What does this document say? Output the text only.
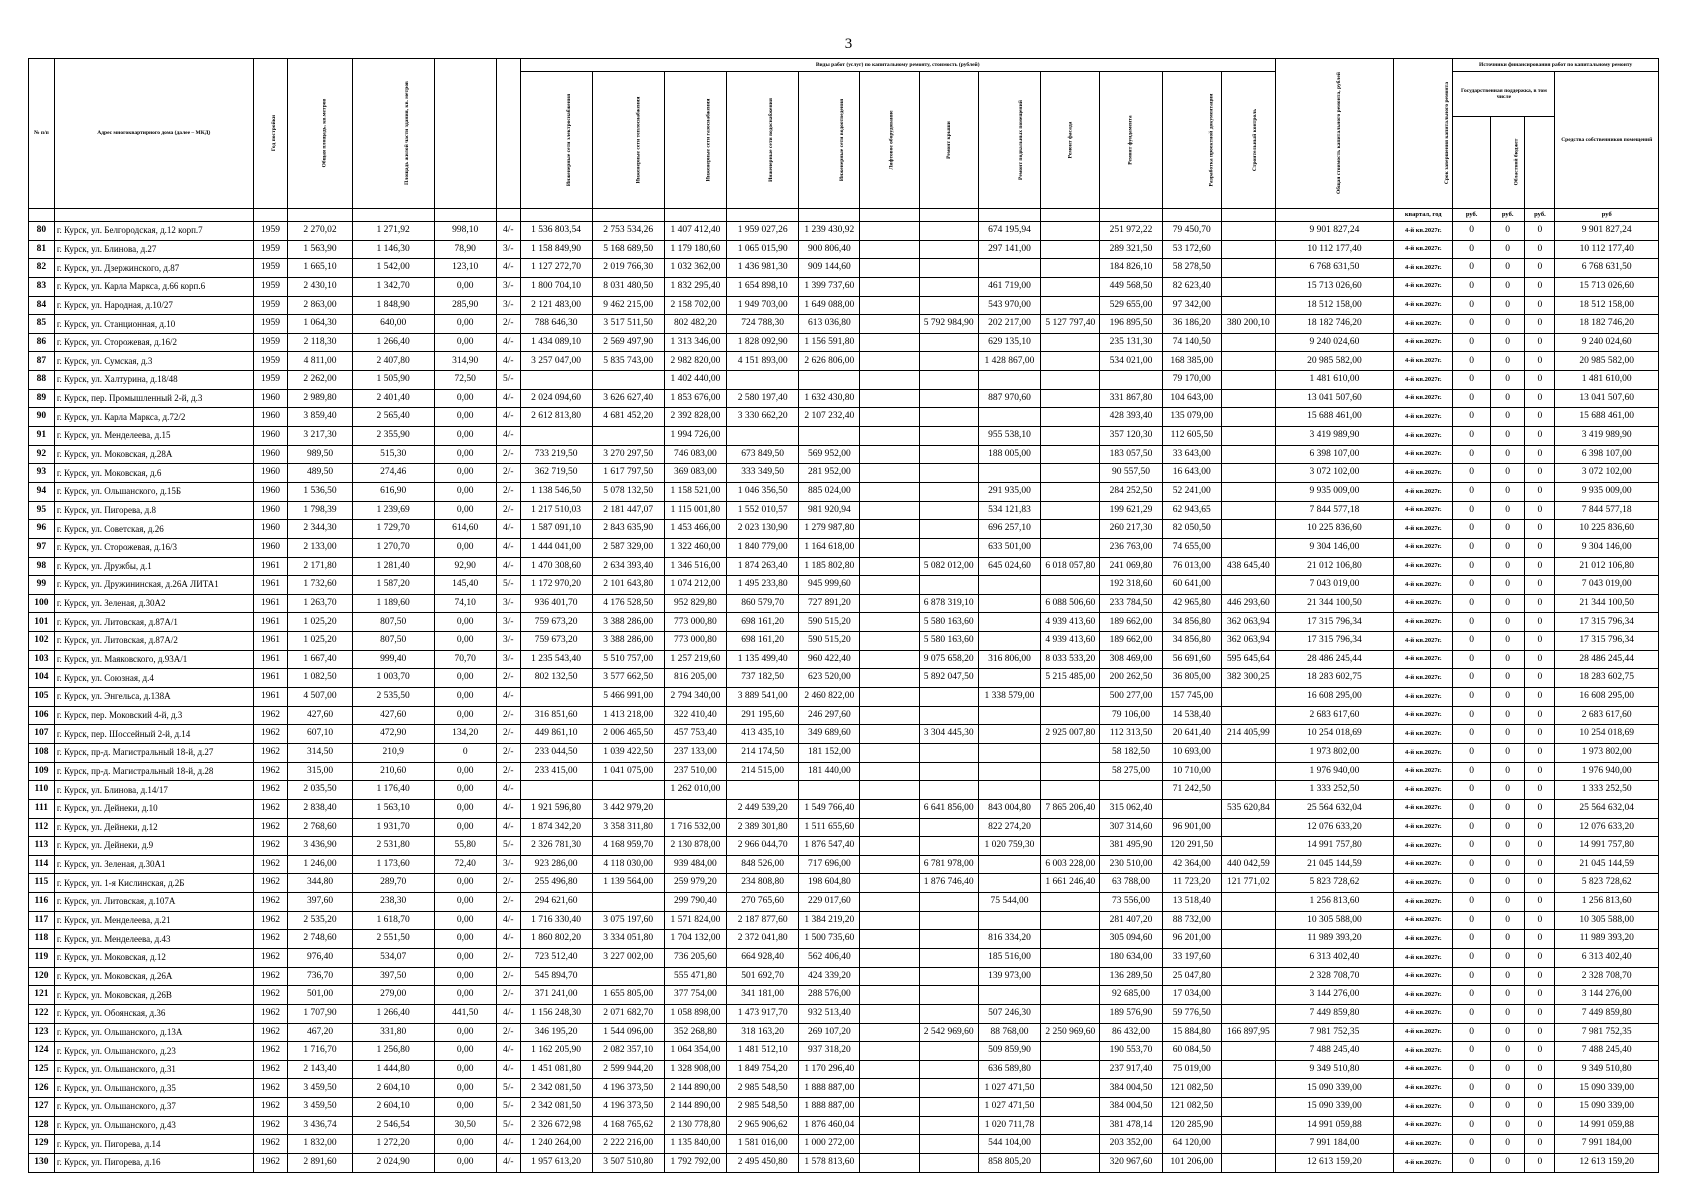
3
№ п/п	Адрес многоквартирного дома (далее – МКД)	Год постройки	Общая площадь, кв.метров	Площадь жилой части здания, кв. метров			Виды работ (услуг) по капитальному ремонту, стоимость (рублей)												Общая стоимость капитального ремонта, рублей	Срок завершения капитального ремонта	Источники финансирования работ по капитальному ремонту			
							Инженерные сети электроснабжения	Инженерные сети теплоснабжения	Инженерные сети газоснабжения	Инженерные сети водоснабжения	Инженерные сети водоотведения	Лифтовое оборудование	Ремонт крыши	Ремонт подвальных помещений	Ремонт фасада	Ремонт фундамента	Разработка проектной документации	Строительный контроль			Государственная поддержка, в том числе			Средства собственников помещений
	Областной бюджет	
																				квартал, год	руб.	руб.	руб.	руб
80	г. Курск, ул. Белгородская, д.12 корп.7	1959	2 270,02	1 271,92	998,10	4/-	1 536 803,54	2 753 534,26	1 407 412,40	1 959 027,26	1 239 430,92			674 195,94		251 972,22	79 450,70		9 901 827,24	4-й кв.2027г.	0	0	0	9 901 827,24
81	г. Курск, ул. Блинова, д.27	1959	1 563,90	1 146,30	78,90	3/-	1 158 849,90	5 168 689,50	1 179 180,60	1 065 015,90	900 806,40			297 141,00		289 321,50	53 172,60		10 112 177,40	4-й кв.2027г.	0	0	0	10 112 177,40
82	г. Курск, ул. Дзержинского, д.87	1959	1 665,10	1 542,00	123,10	4/-	1 127 272,70	2 019 766,30	1 032 362,00	1 436 981,30	909 144,60					184 826,10	58 278,50		6 768 631,50	4-й кв.2027г.	0	0	0	6 768 631,50
83	г. Курск, ул. Карла Маркса, д.66 корп.6	1959	2 430,10	1 342,70	0,00	3/-	1 800 704,10	8 031 480,50	1 832 295,40	1 654 898,10	1 399 737,60			461 719,00		449 568,50	82 623,40		15 713 026,60	4-й кв.2027г.	0	0	0	15 713 026,60
84	г. Курск, ул. Народная, д.10/27	1959	2 863,00	1 848,90	285,90	3/-	2 121 483,00	9 462 215,00	2 158 702,00	1 949 703,00	1 649 088,00			543 970,00		529 655,00	97 342,00		18 512 158,00	4-й кв.2027г.	0	0	0	18 512 158,00
85	г. Курск, ул. Станционная, д.10	1959	1 064,30	640,00	0,00	2/-	788 646,30	3 517 511,50	802 482,20	724 788,30	613 036,80		5 792 984,90	202 217,00	5 127 797,40	196 895,50	36 186,20	380 200,10	18 182 746,20	4-й кв.2027г.	0	0	0	18 182 746,20
86	г. Курск, ул. Сторожевая, д.16/2	1959	2 118,30	1 266,40	0,00	4/-	1 434 089,10	2 569 497,90	1 313 346,00	1 828 092,90	1 156 591,80			629 135,10		235 131,30	74 140,50		9 240 024,60	4-й кв.2027г.	0	0	0	9 240 024,60
87	г. Курск, ул. Сумская, д.3	1959	4 811,00	2 407,80	314,90	4/-	3 257 047,00	5 835 743,00	2 982 820,00	4 151 893,00	2 626 806,00			1 428 867,00		534 021,00	168 385,00		20 985 582,00	4-й кв.2027г.	0	0	0	20 985 582,00
88	г. Курск, ул. Халтурина, д.18/48	1959	2 262,00	1 505,90	72,50	5/-			1 402 440,00								79 170,00		1 481 610,00	4-й кв.2027г.	0	0	0	1 481 610,00
89	г. Курск, пер. Промышленный 2-й, д.3	1960	2 989,80	2 401,40	0,00	4/-	2 024 094,60	3 626 627,40	1 853 676,00	2 580 197,40	1 632 430,80			887 970,60		331 867,80	104 643,00		13 041 507,60	4-й кв.2027г.	0	0	0	13 041 507,60
90	г. Курск, ул. Карла Маркса, д.72/2	1960	3 859,40	2 565,40	0,00	4/-	2 612 813,80	4 681 452,20	2 392 828,00	3 330 662,20	2 107 232,40					428 393,40	135 079,00		15 688 461,00	4-й кв.2027г.	0	0	0	15 688 461,00
91	г. Курск, ул. Менделеева, д.15	1960	3 217,30	2 355,90	0,00	4/-			1 994 726,00					955 538,10		357 120,30	112 605,50		3 419 989,90	4-й кв.2027г.	0	0	0	3 419 989,90
92	г. Курск, ул. Моковская, д.28А	1960	989,50	515,30	0,00	2/-	733 219,50	3 270 297,50	746 083,00	673 849,50	569 952,00			188 005,00		183 057,50	33 643,00		6 398 107,00	4-й кв.2027г.	0	0	0	6 398 107,00
93	г. Курск, ул. Моковская, д.6	1960	489,50	274,46	0,00	2/-	362 719,50	1 617 797,50	369 083,00	333 349,50	281 952,00					90 557,50	16 643,00		3 072 102,00	4-й кв.2027г.	0	0	0	3 072 102,00
94	г. Курск, ул. Ольшанского, д.15Б	1960	1 536,50	616,90	0,00	2/-	1 138 546,50	5 078 132,50	1 158 521,00	1 046 356,50	885 024,00			291 935,00		284 252,50	52 241,00		9 935 009,00	4-й кв.2027г.	0	0	0	9 935 009,00
95	г. Курск, ул. Пигорева, д.8	1960	1 798,39	1 239,69	0,00	2/-	1 217 510,03	2 181 447,07	1 115 001,80	1 552 010,57	981 920,94			534 121,83		199 621,29	62 943,65		7 844 577,18	4-й кв.2027г.	0	0	0	7 844 577,18
96	г. Курск, ул. Советская, д.26	1960	2 344,30	1 729,70	614,60	4/-	1 587 091,10	2 843 635,90	1 453 466,00	2 023 130,90	1 279 987,80			696 257,10		260 217,30	82 050,50		10 225 836,60	4-й кв.2027г.	0	0	0	10 225 836,60
97	г. Курск, ул. Сторожевая, д.16/3	1960	2 133,00	1 270,70	0,00	4/-	1 444 041,00	2 587 329,00	1 322 460,00	1 840 779,00	1 164 618,00			633 501,00		236 763,00	74 655,00		9 304 146,00	4-й кв.2027г.	0	0	0	9 304 146,00
98	г. Курск, ул. Дружбы, д.1	1961	2 171,80	1 281,40	92,90	4/-	1 470 308,60	2 634 393,40	1 346 516,00	1 874 263,40	1 185 802,80		5 082 012,00	645 024,60	6 018 057,80	241 069,80	76 013,00	438 645,40	21 012 106,80	4-й кв.2027г.	0	0	0	21 012 106,80
99	г. Курск, ул. Дружининская, д.26А ЛИТА1	1961	1 732,60	1 587,20	145,40	5/-	1 172 970,20	2 101 643,80	1 074 212,00	1 495 233,80	945 999,60					192 318,60	60 641,00		7 043 019,00	4-й кв.2027г.	0	0	0	7 043 019,00
100	г. Курск, ул. Зеленая, д.30А2	1961	1 263,70	1 189,60	74,10	3/-	936 401,70	4 176 528,50	952 829,80	860 579,70	727 891,20		6 878 319,10		6 088 506,60	233 784,50	42 965,80	446 293,60	21 344 100,50	4-й кв.2027г.	0	0	0	21 344 100,50
101	г. Курск, ул. Литовская, д.87А/1	1961	1 025,20	807,50	0,00	3/-	759 673,20	3 388 286,00	773 000,80	698 161,20	590 515,20		5 580 163,60		4 939 413,60	189 662,00	34 856,80	362 063,94	17 315 796,34	4-й кв.2027г.	0	0	0	17 315 796,34
102	г. Курск, ул. Литовская, д.87А/2	1961	1 025,20	807,50	0,00	3/-	759 673,20	3 388 286,00	773 000,80	698 161,20	590 515,20		5 580 163,60		4 939 413,60	189 662,00	34 856,80	362 063,94	17 315 796,34	4-й кв.2027г.	0	0	0	17 315 796,34
103	г. Курск, ул. Маяковского, д.93А/1	1961	1 667,40	999,40	70,70	3/-	1 235 543,40	5 510 757,00	1 257 219,60	1 135 499,40	960 422,40		9 075 658,20	316 806,00	8 033 533,20	308 469,00	56 691,60	595 645,64	28 486 245,44	4-й кв.2027г.	0	0	0	28 486 245,44
104	г. Курск, ул. Союзная, д.4	1961	1 082,50	1 003,70	0,00	2/-	802 132,50	3 577 662,50	816 205,00	737 182,50	623 520,00		5 892 047,50		5 215 485,00	200 262,50	36 805,00	382 300,25	18 283 602,75	4-й кв.2027г.	0	0	0	18 283 602,75
105	г. Курск, ул. Энгельса, д.138А	1961	4 507,00	2 535,50	0,00	4/-		5 466 991,00	2 794 340,00	3 889 541,00	2 460 822,00			1 338 579,00		500 277,00	157 745,00		16 608 295,00	4-й кв.2027г.	0	0	0	16 608 295,00
106	г. Курск, пер. Моковский 4-й, д.3	1962	427,60	427,60	0,00	2/-	316 851,60	1 413 218,00	322 410,40	291 195,60	246 297,60					79 106,00	14 538,40		2 683 617,60	4-й кв.2027г.	0	0	0	2 683 617,60
107	г. Курск, пер. Шоссейный 2-й, д.14	1962	607,10	472,90	134,20	2/-	449 861,10	2 006 465,50	457 753,40	413 435,10	349 689,60		3 304 445,30		2 925 007,80	112 313,50	20 641,40	214 405,99	10 254 018,69	4-й кв.2027г.	0	0	0	10 254 018,69
108	г. Курск, пр-д. Магистральный 18-й, д.27	1962	314,50	210,9	0	2/-	233 044,50	1 039 422,50	237 133,00	214 174,50	181 152,00					58 182,50	10 693,00		1 973 802,00	4-й кв.2027г.	0	0	0	1 973 802,00
109	г. Курск, пр-д. Магистральный 18-й, д.28	1962	315,00	210,60	0,00	2/-	233 415,00	1 041 075,00	237 510,00	214 515,00	181 440,00					58 275,00	10 710,00		1 976 940,00	4-й кв.2027г.	0	0	0	1 976 940,00
110	г. Курск, ул. Блинова, д.14/17	1962	2 035,50	1 176,40	0,00	4/-			1 262 010,00								71 242,50		1 333 252,50	4-й кв.2027г.	0	0	0	1 333 252,50
111	г. Курск, ул. Дейнеки, д.10	1962	2 838,40	1 563,10	0,00	4/-	1 921 596,80	3 442 979,20		2 449 539,20	1 549 766,40		6 641 856,00	843 004,80	7 865 206,40	315 062,40		535 620,84	25 564 632,04	4-й кв.2027г.	0	0	0	25 564 632,04
112	г. Курск, ул. Дейнеки, д.12	1962	2 768,60	1 931,70	0,00	4/-	1 874 342,20	3 358 311,80	1 716 532,00	2 389 301,80	1 511 655,60			822 274,20		307 314,60	96 901,00		12 076 633,20	4-й кв.2027г.	0	0	0	12 076 633,20
113	г. Курск, ул. Дейнеки, д.9	1962	3 436,90	2 531,80	55,80	5/-	2 326 781,30	4 168 959,70	2 130 878,00	2 966 044,70	1 876 547,40			1 020 759,30		381 495,90	120 291,50		14 991 757,80	4-й кв.2027г.	0	0	0	14 991 757,80
114	г. Курск, ул. Зеленая, д.30А1	1962	1 246,00	1 173,60	72,40	3/-	923 286,00	4 118 030,00	939 484,00	848 526,00	717 696,00		6 781 978,00		6 003 228,00	230 510,00	42 364,00	440 042,59	21 045 144,59	4-й кв.2027г.	0	0	0	21 045 144,59
115	г. Курск, ул. 1-я Кислинская, д.2Б	1962	344,80	289,70	0,00	2/-	255 496,80	1 139 564,00	259 979,20	234 808,80	198 604,80		1 876 746,40		1 661 246,40	63 788,00	11 723,20	121 771,02	5 823 728,62	4-й кв.2027г.	0	0	0	5 823 728,62
116	г. Курск, ул. Литовская, д.107А	1962	397,60	238,30	0,00	2/-	294 621,60		299 790,40	270 765,60	229 017,60			75 544,00		73 556,00	13 518,40		1 256 813,60	4-й кв.2027г.	0	0	0	1 256 813,60
117	г. Курск, ул. Менделеева, д.21	1962	2 535,20	1 618,70	0,00	4/-	1 716 330,40	3 075 197,60	1 571 824,00	2 187 877,60	1 384 219,20					281 407,20	88 732,00		10 305 588,00	4-й кв.2027г.	0	0	0	10 305 588,00
118	г. Курск, ул. Менделеева, д.43	1962	2 748,60	2 551,50	0,00	4/-	1 860 802,20	3 334 051,80	1 704 132,00	2 372 041,80	1 500 735,60			816 334,20		305 094,60	96 201,00		11 989 393,20	4-й кв.2027г.	0	0	0	11 989 393,20
119	г. Курск, ул. Моковская, д.12	1962	976,40	534,07	0,00	2/-	723 512,40	3 227 002,00	736 205,60	664 928,40	562 406,40			185 516,00		180 634,00	33 197,60		6 313 402,40	4-й кв.2027г.	0	0	0	6 313 402,40
120	г. Курск, ул. Моковская, д.26А	1962	736,70	397,50	0,00	2/-	545 894,70		555 471,80	501 692,70	424 339,20			139 973,00		136 289,50	25 047,80		2 328 708,70	4-й кв.2027г.	0	0	0	2 328 708,70
121	г. Курск, ул. Моковская, д.26В	1962	501,00	279,00	0,00	2/-	371 241,00	1 655 805,00	377 754,00	341 181,00	288 576,00					92 685,00	17 034,00		3 144 276,00	4-й кв.2027г.	0	0	0	3 144 276,00
122	г. Курск, ул. Обоянская, д.36	1962	1 707,90	1 266,40	441,50	4/-	1 156 248,30	2 071 682,70	1 058 898,00	1 473 917,70	932 513,40			507 246,30		189 576,90	59 776,50		7 449 859,80	4-й кв.2027г.	0	0	0	7 449 859,80
123	г. Курск, ул. Ольшанского, д.13А	1962	467,20	331,80	0,00	2/-	346 195,20	1 544 096,00	352 268,80	318 163,20	269 107,20		2 542 969,60	88 768,00	2 250 969,60	86 432,00	15 884,80	166 897,95	7 981 752,35	4-й кв.2027г.	0	0	0	7 981 752,35
124	г. Курск, ул. Ольшанского, д.23	1962	1 716,70	1 256,80	0,00	4/-	1 162 205,90	2 082 357,10	1 064 354,00	1 481 512,10	937 318,20			509 859,90		190 553,70	60 084,50		7 488 245,40	4-й кв.2027г.	0	0	0	7 488 245,40
125	г. Курск, ул. Ольшанского, д.31	1962	2 143,40	1 444,80	0,00	4/-	1 451 081,80	2 599 944,20	1 328 908,00	1 849 754,20	1 170 296,40			636 589,80		237 917,40	75 019,00		9 349 510,80	4-й кв.2027г.	0	0	0	9 349 510,80
126	г. Курск, ул. Ольшанского, д.35	1962	3 459,50	2 604,10	0,00	5/-	2 342 081,50	4 196 373,50	2 144 890,00	2 985 548,50	1 888 887,00			1 027 471,50		384 004,50	121 082,50		15 090 339,00	4-й кв.2027г.	0	0	0	15 090 339,00
127	г. Курск, ул. Ольшанского, д.37	1962	3 459,50	2 604,10	0,00	5/-	2 342 081,50	4 196 373,50	2 144 890,00	2 985 548,50	1 888 887,00			1 027 471,50		384 004,50	121 082,50		15 090 339,00	4-й кв.2027г.	0	0	0	15 090 339,00
128	г. Курск, ул. Ольшанского, д.43	1962	3 436,74	2 546,54	30,50	5/-	2 326 672,98	4 168 765,62	2 130 778,80	2 965 906,62	1 876 460,04			1 020 711,78		381 478,14	120 285,90		14 991 059,88	4-й кв.2027г.	0	0	0	14 991 059,88
129	г. Курск, ул. Пигорева, д.14	1962	1 832,00	1 272,20	0,00	4/-	1 240 264,00	2 222 216,00	1 135 840,00	1 581 016,00	1 000 272,00			544 104,00		203 352,00	64 120,00		7 991 184,00	4-й кв.2027г.	0	0	0	7 991 184,00
130	г. Курск, ул. Пигорева, д.16	1962	2 891,60	2 024,90	0,00	4/-	1 957 613,20	3 507 510,80	1 792 792,00	2 495 450,80	1 578 813,60			858 805,20		320 967,60	101 206,00		12 613 159,20	4-й кв.2027г.	0	0	0	12 613 159,20
